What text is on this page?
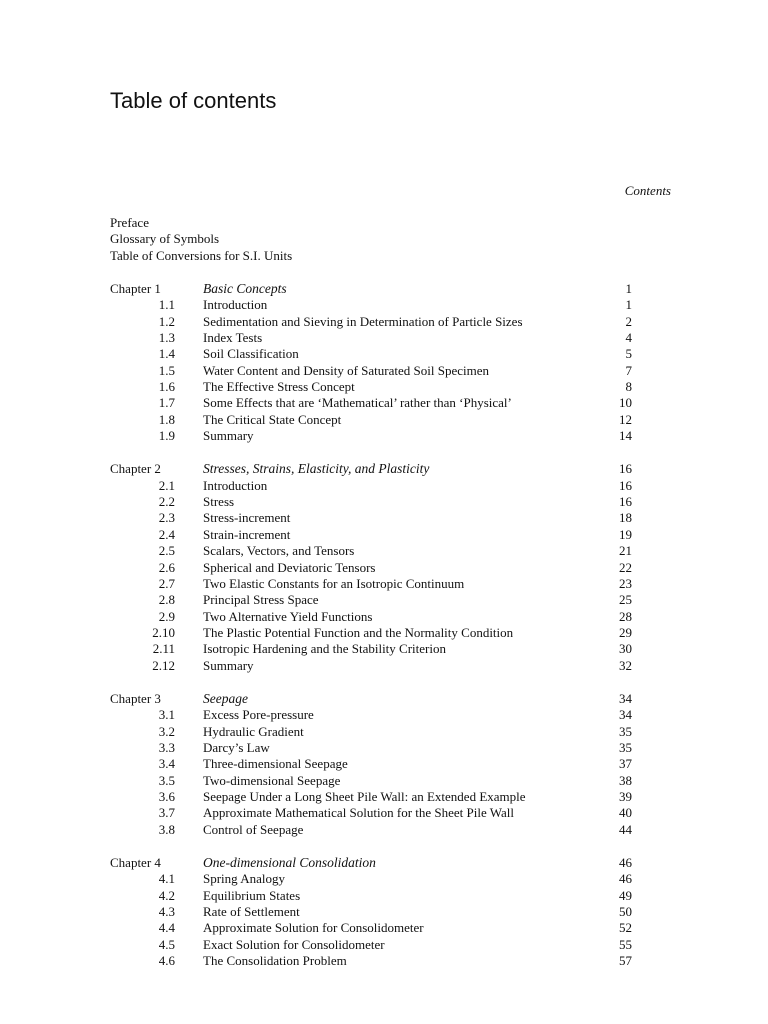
Table of contents
Contents
Preface
Glossary of Symbols
Table of Conversions for S.I. Units
Chapter 1	Basic Concepts	1
1.1 Introduction	1
1.2 Sedimentation and Sieving in Determination of Particle Sizes	2
1.3 Index Tests	4
1.4 Soil Classification	5
1.5 Water Content and Density of Saturated Soil Specimen	7
1.6 The Effective Stress Concept	8
1.7 Some Effects that are ‘Mathematical’ rather than ‘Physical’	10
1.8 The Critical State Concept	12
1.9 Summary	14
Chapter 2	Stresses, Strains, Elasticity, and Plasticity	16
2.1 Introduction	16
2.2 Stress	16
2.3 Stress-increment	18
2.4 Strain-increment	19
2.5 Scalars, Vectors, and Tensors	21
2.6 Spherical and Deviatoric Tensors	22
2.7 Two Elastic Constants for an Isotropic Continuum	23
2.8 Principal Stress Space	25
2.9 Two Alternative Yield Functions	28
2.10 The Plastic Potential Function and the Normality Condition	29
2.11 Isotropic Hardening and the Stability Criterion	30
2.12 Summary	32
Chapter 3	Seepage	34
3.1 Excess Pore-pressure	34
3.2 Hydraulic Gradient	35
3.3 Darcy’s Law	35
3.4 Three-dimensional Seepage	37
3.5 Two-dimensional Seepage	38
3.6 Seepage Under a Long Sheet Pile Wall: an Extended Example	39
3.7 Approximate Mathematical Solution for the Sheet Pile Wall	40
3.8 Control of Seepage	44
Chapter 4	One-dimensional Consolidation	46
4.1 Spring Analogy	46
4.2 Equilibrium States	49
4.3 Rate of Settlement	50
4.4 Approximate Solution for Consolidometer	52
4.5 Exact Solution for Consolidometer	55
4.6 The Consolidation Problem	57
